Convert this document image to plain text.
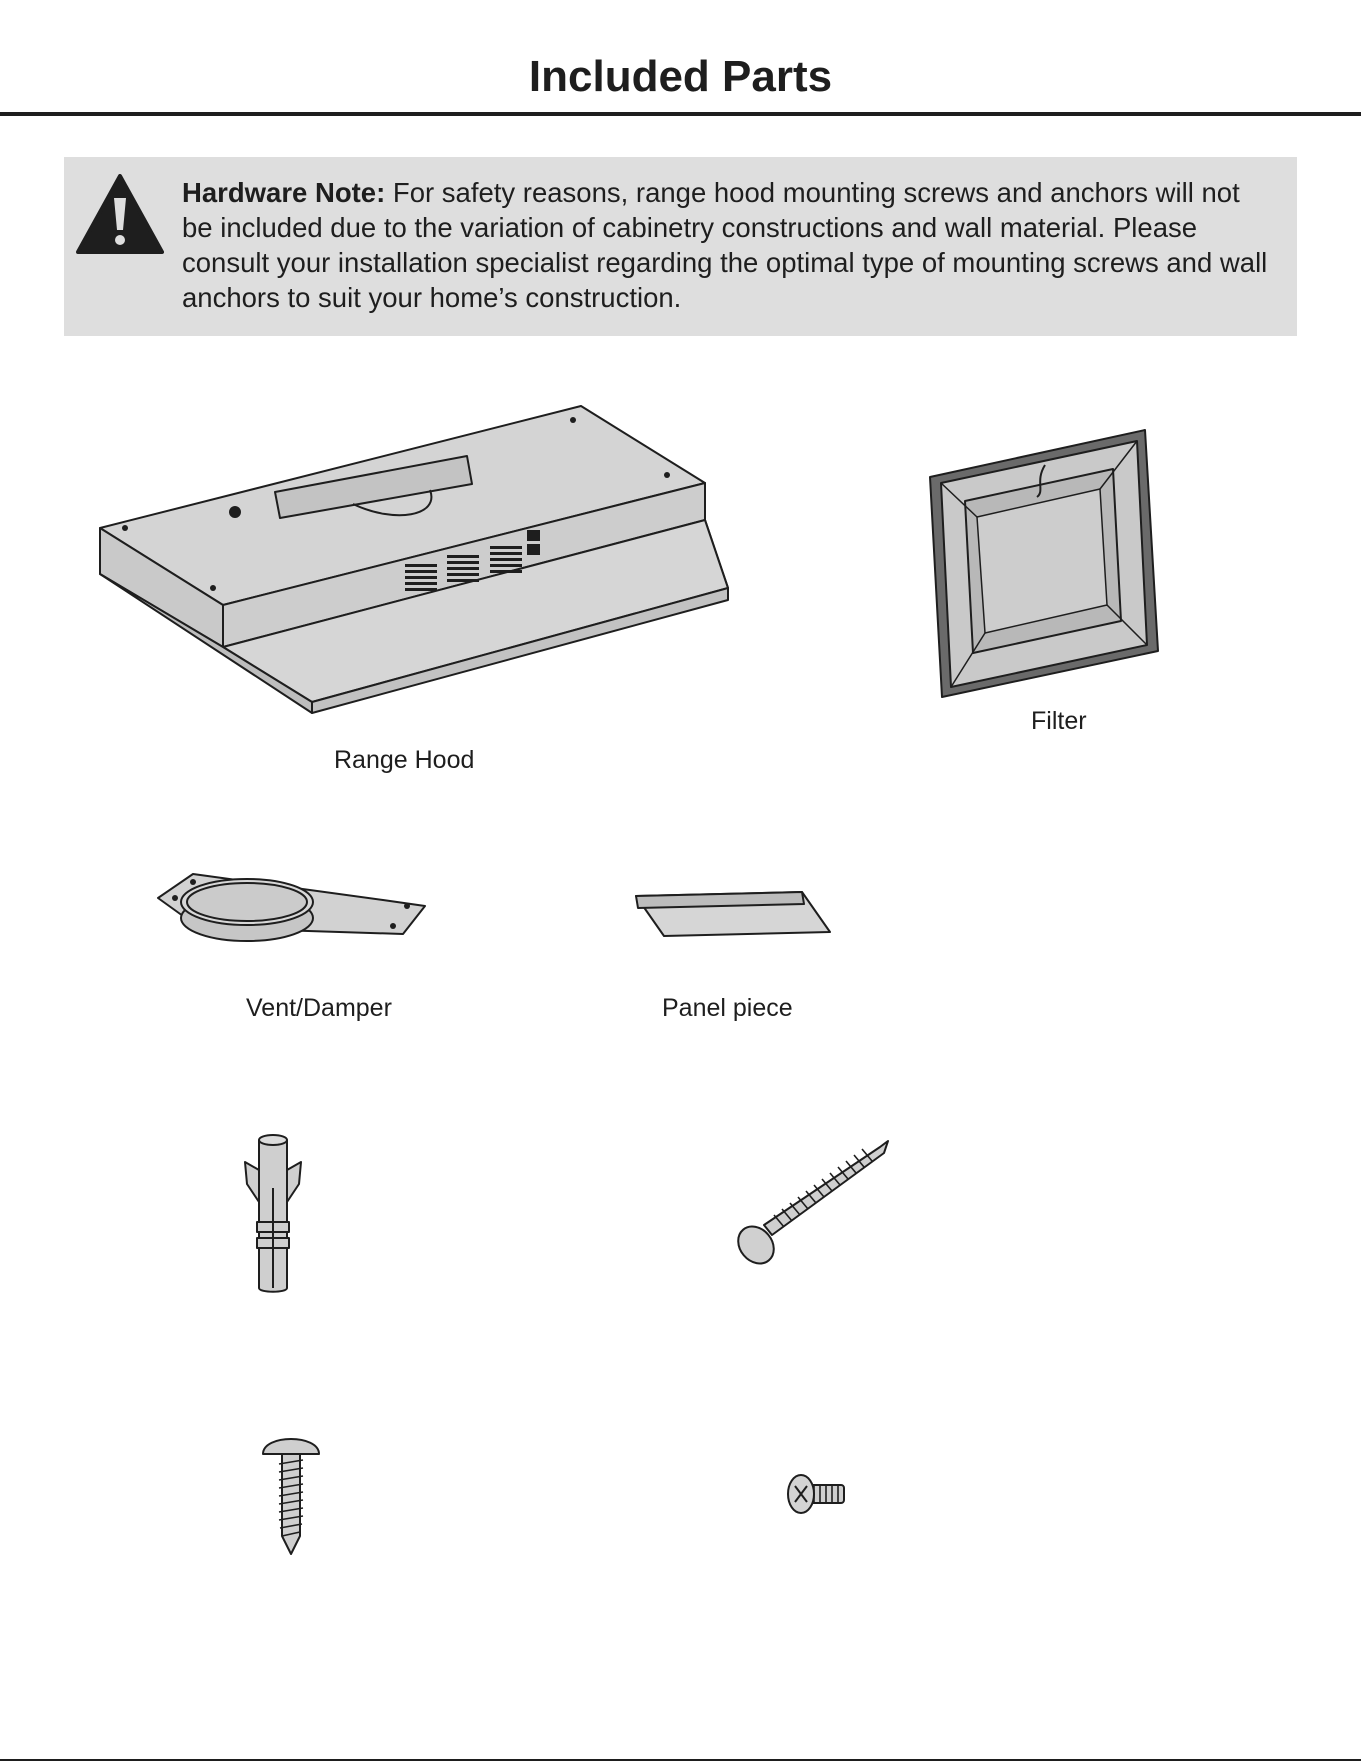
Included Parts
Hardware Note: For safety reasons, range hood mounting screws and anchors will not be included due to the variation of cabinetry constructions and wall material. Please consult your installation specialist regarding the optimal type of mounting screws and wall anchors to suit your home’s construction.
Range Hood
Filter
Vent/Damper	Panel piece
